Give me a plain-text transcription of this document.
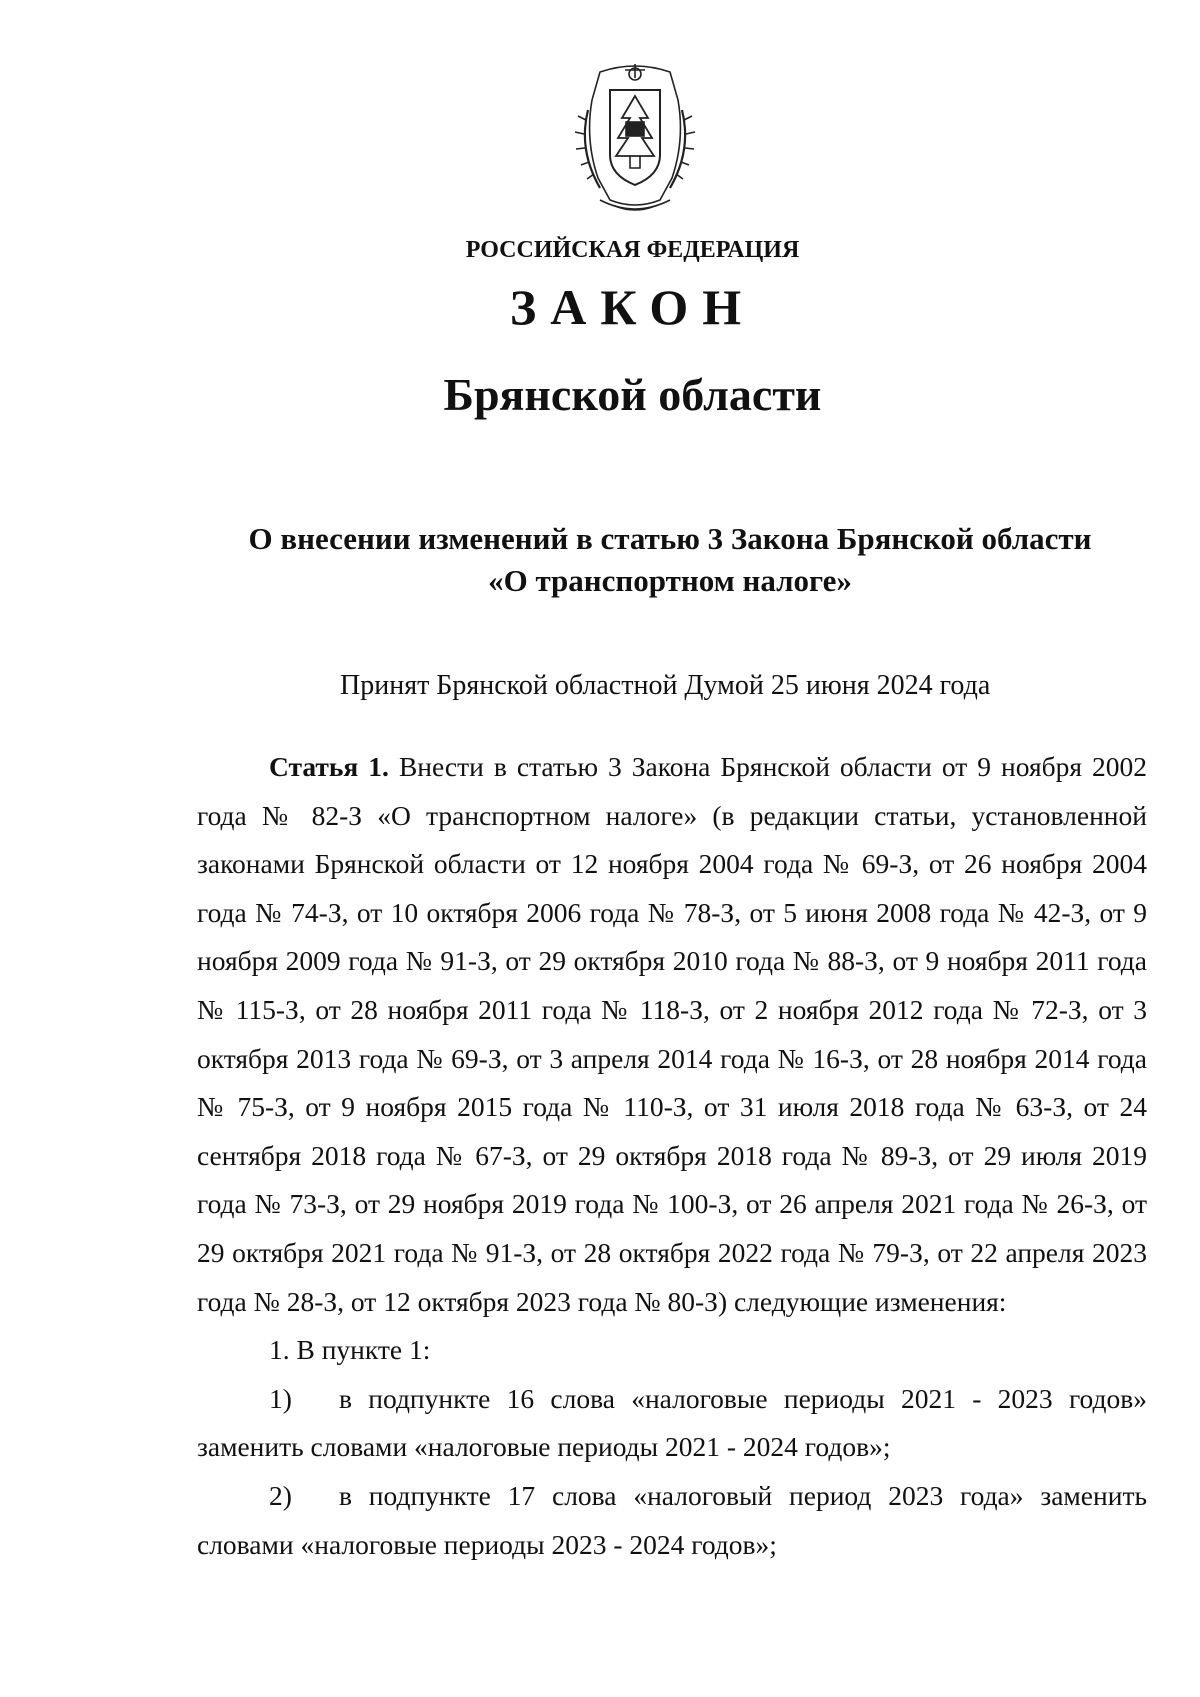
РОССИЙСКАЯ ФЕДЕРАЦИЯ
ЗАКОН
Брянской области
О внесении изменений в статью 3 Закона Брянской области
«О транспортном налоге»
Принят Брянской областной Думой 25 июня 2024 года

Статья 1. Внести в статью 3 Закона Брянской области от 9 ноября 2002 года № 82-З «О транспортном налоге» (в редакции статьи, установленной законами Брянской области от 12 ноября 2004 года № 69-З, от 26 ноября 2004 года № 74-З, от 10 октября 2006 года № 78-З, от 5 июня 2008 года № 42-З, от 9 ноября 2009 года № 91-З, от 29 октября 2010 года № 88-З, от 9 ноября 2011 года № 115-З, от 28 ноября 2011 года № 118-З, от 2 ноября 2012 года № 72-З, от 3 октября 2013 года № 69-З, от 3 апреля 2014 года № 16-З, от 28 ноября 2014 года № 75-З, от 9 ноября 2015 года № 110-З, от 31 июля 2018 года № 63-З, от 24 сентября 2018 года № 67-З, от 29 октября 2018 года № 89-З, от 29 июля 2019 года № 73-З, от 29 ноября 2019 года № 100-З, от 26 апреля 2021 года № 26-З, от 29 октября 2021 года № 91-З, от 28 октября 2022 года № 79-З, от 22 апреля 2023 года № 28-З, от 12 октября 2023 года № 80-З) следующие изменения:

1. В пункте 1:

1) в подпункте 16 слова «налоговые периоды 2021 - 2023 годов» заменить словами «налоговые периоды 2021 - 2024 годов»;

2) в подпункте 17 слова «налоговый период 2023 года» заменить словами «налоговые периоды 2023 - 2024 годов»;
